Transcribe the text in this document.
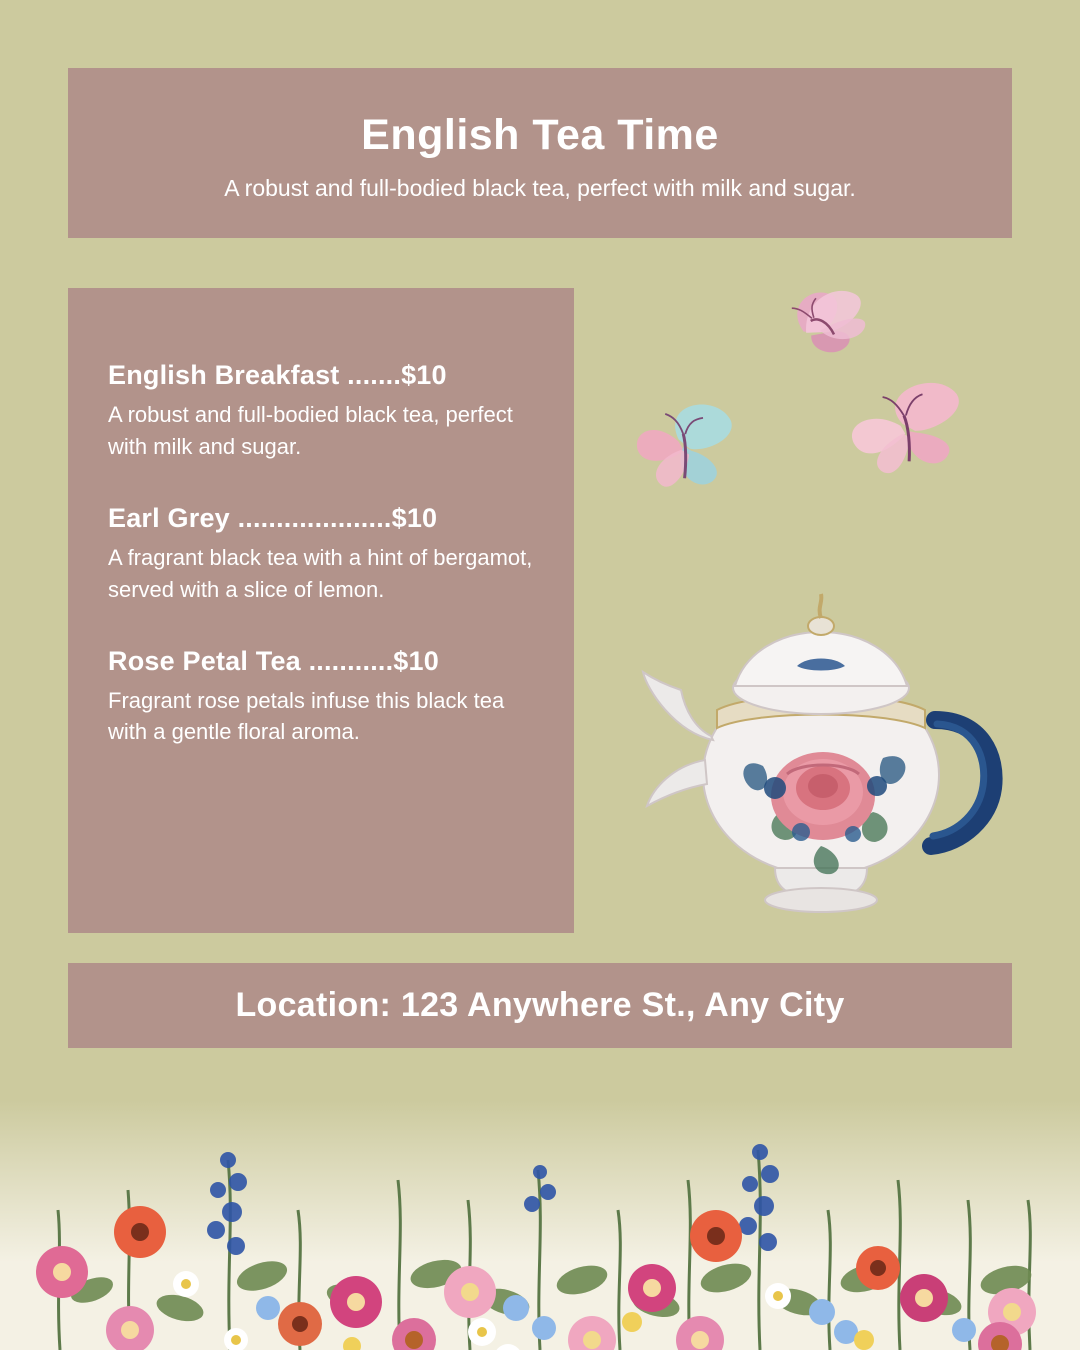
English Tea Time
A robust and full-bodied black tea, perfect with milk and sugar.
English Breakfast .......$10
A robust and full-bodied black tea, perfect with milk and sugar.
Earl Grey ....................$10
A fragrant black tea with a hint of bergamot, served with a slice of lemon.
Rose Petal Tea ...........$10
Fragrant rose petals infuse this black tea with a gentle floral aroma.
Location: 123 Anywhere St., Any City
